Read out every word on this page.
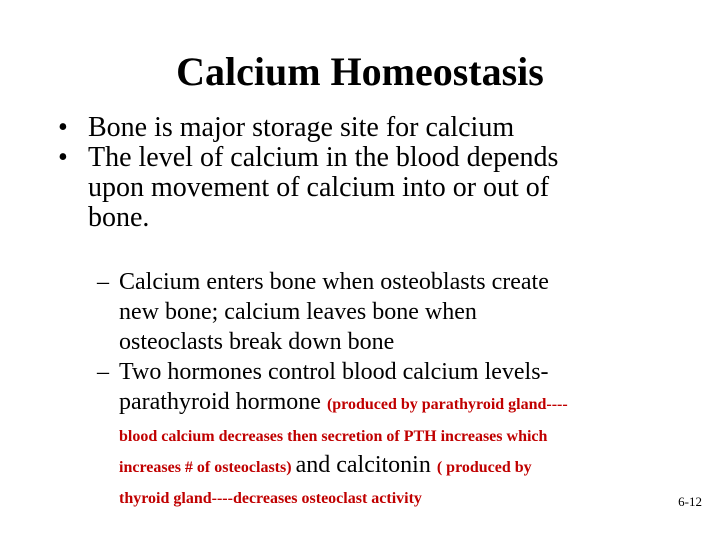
Calcium Homeostasis
• Bone is major storage site for calcium
• The level of calcium in the blood depends
upon movement of calcium into or out of
bone.
– Calcium enters bone when osteoblasts create
new bone; calcium leaves bone when
osteoclasts break down bone
– Two hormones control blood calcium levels-
parathyroid hormone (produced by parathyroid gland----
blood calcium decreases then secretion of PTH increases which
increases # of osteoclasts) and calcitonin ( produced by
thyroid gland----decreases osteoclast activity	6-12
